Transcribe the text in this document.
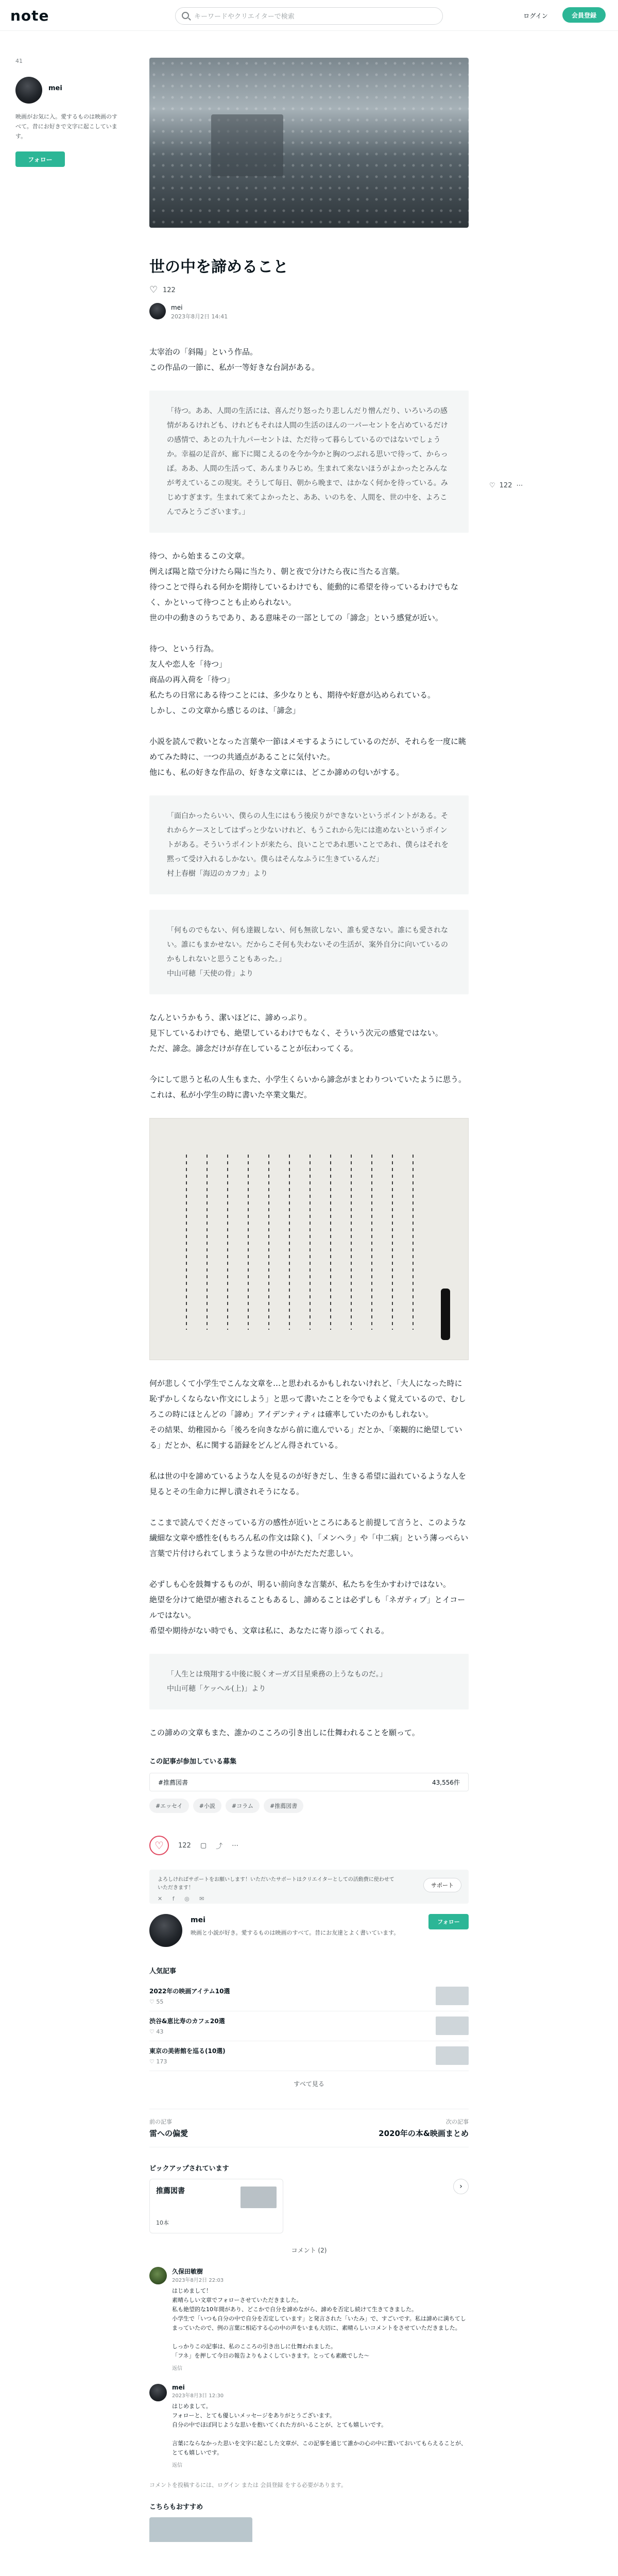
note
キーワードやクリエイターで検索	ログイン	会員登録
41
mei
映画がお気に入。愛するものは映画のすべて。昔にお好きで文字に起こしています。
フォロー
♡ 122 ⋯
世の中を諦めること
♡ 122
mei
2023年8月2日 14:41

太宰治の「斜陽」という作品。
この作品の一節に、私が一等好きな台詞がある。

「待つ。ああ、人間の生活には、喜んだり怒ったり悲しんだり憎んだり、いろいろの感情があるけれども、けれどもそれは人間の生活のほんの一パーセントを占めているだけの感情で、あとの九十九パーセントは、ただ待って暮らしているのではないでしょうか。幸福の足音が、廊下に聞こえるのを今か今かと胸のつぶれる思いで待って、からっぽ。ああ、人間の生活って、あんまりみじめ。生まれて来ないほうがよかったとみんなが考えているこの現実。そうして毎日、朝から晩まで、はかなく何かを待っている。みじめすぎます。生まれて来てよかったと、ああ、いのちを、人間を、世の中を、よろこんでみとうございます。」

待つ、から始まるこの文章。
例えば陽と陰で分けたら陽に当たり、朝と夜で分けたら夜に当たる言葉。
待つことで得られる何かを期待しているわけでも、能動的に希望を待っているわけでもなく、かといって待つことも止められない。
世の中の動きのうちであり、ある意味その一部としての「諦念」という感覚が近い。

待つ、という行為。
友人や恋人を「待つ」
商品の再入荷を「待つ」
私たちの日常にある待つことには、多少なりとも、期待や好意が込められている。
しかし、この文章から感じるのは、「諦念」

小説を読んで救いとなった言葉や一節はメモするようにしているのだが、それらを一度に眺めてみた時に、一つの共通点があることに気付いた。
他にも、私の好きな作品の、好きな文章には、どこか諦めの匂いがする。

「面白かったらいい、僕らの人生にはもう後戻りができないというポイントがある。それからケースとしてはずっと少ないけれど、もうこれから先には進めないというポイントがある。そういうポイントが来たら、良いことであれ悪いことであれ、僕らはそれを黙って受け入れるしかない。僕らはそんなふうに生きているんだ」
村上春樹「海辺のカフカ」より
「何ものでもない、何も達観しない、何も無欲しない、誰も愛さない。誰にも愛されない。誰にもまかせない。だからこそ何も失わないその生活が、案外自分に向いているのかもしれないと思うこともあった。」
中山可穂「天使の骨」より

なんというかもう、潔いほどに、諦めっぷり。
見下しているわけでも、絶望しているわけでもなく、そういう次元の感覚ではない。
ただ、諦念。諦念だけが存在していることが伝わってくる。

今にして思うと私の人生もまた、小学生くらいから諦念がまとわりついていたように思う。
これは、私が小学生の時に書いた卒業文集だ。

何が悲しくて小学生でこんな文章を…と思われるかもしれないけれど、「大人になった時に恥ずかしくならない作文にしよう」と思って書いたことを今でもよく覚えているので、むしろこの時にほとんどの「諦め」アイデンティティは確率していたのかもしれない。
その結果、幼稚园から「後ろを向きながら前に進んでいる」だとか、「楽観的に絶望している」だとか、私に関する語録をどんどん得されている。

私は世の中を諦めているような人を見るのが好きだし、生きる希望に溢れているような人を見るとその生命力に押し潰されそうになる。

ここまで読んでくださっている方の感性が近いところにあると前提して言うと、このような繊細な文章や感性を(もちろん私の作文は除く)、「メンヘラ」や「中二病」という薄っぺらい言葉で片付けられてしまうような世の中がただただ悲しい。

必ずしも心を鼓舞するものが、明るい前向きな言葉が、私たちを生かすわけではない。
絶望を分けて絶望が癒されることもあるし、諦めることは必ずしも「ネガティブ」とイコールではない。
希望や期待がない時でも、文章は私に、あなたに寄り添ってくれる。

「人生とは飛翔する中後に脱くオーガズ目星乗務の上うなものだ。」
中山可穂「ケッヘル(上)」より

この諦めの文章もまた、誰かのこころの引き出しに仕舞われることを願って。

この記事が参加している募集
#推薦図書	43,556件
#エッセイ	#小説	#コラム	#推薦図書
♡	122 ▢ ⤴ ⋯
よろしければサポートをお願いします！いただいたサポートはクリエイターとしての活動費に使わせていただきます！
✕ f ◎ ✉
サポート
mei
映画と小説が好き。愛するものは映画のすべて。昔にお友達とよく書いています。
フォロー
人気記事
2022年の映画アイテム10選
♡ 55
渋谷&恵比寿のカフェ20選
♡ 43
東京の美術館を巡る(10選)
♡ 173
すべて見る
前の記事
雷への偏愛
次の記事
2020年の本&映画まとめ
ピックアップされています
推薦図書
10本
›
コメント (2)
久保田敏樹
2023年8月2日 22:03
はじめまして！
素晴らしい文章でフォローさせていただきました。
私も絶望的な10年間があり、どこかで自分を諦めながら、諦めを否定し続けて生きてきました。
小学生で「いつも自分の中で自分を否定しています」と発言された「いたみ」で、すごいです。私は諦めに満ちてしまっていたので、例の言葉に相応する心の中の声をいまも大切に、素晴らしいコメントをさせていただきました。

しっかりこの記事は、私のこころの引き出しに仕舞われました。
「フネ」を押して今日の報告よりもよくしていきます。とっても素敵でした～
返信
mei
2023年8月3日 12:30
はじめまして。
フォローと、とても優しいメッセージをありがとうございます。
自分の中でほぼ同じような思いを抱いてくれた方がいることが、とても嬉しいです。

言葉にならなかった思いを文字に起こした文章が、この記事を通じて誰かの心の中に置いておいてもらえることが、とても嬉しいです。
返信
コメントを投稿するには、ログイン または 会員登録 をする必要があります。
こちらもおすすめ
